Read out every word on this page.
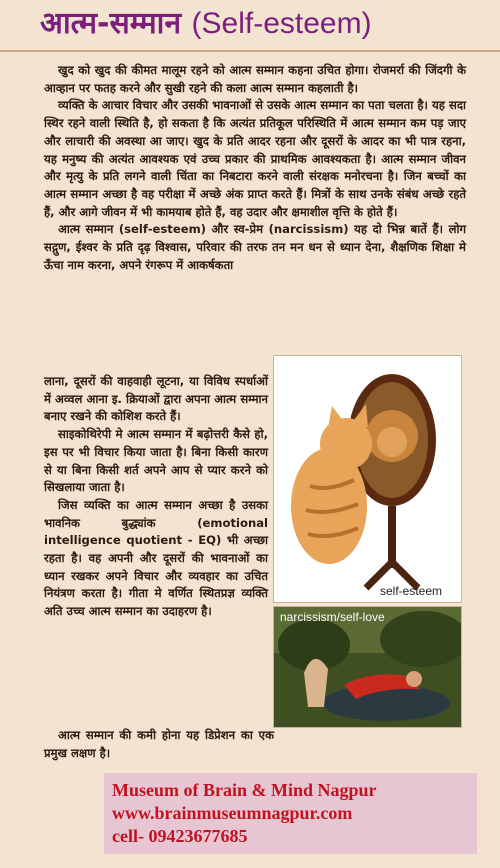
आत्म-सम्मान (Self-esteem)

खुद को खुद की कीमत मालूम रहने को आत्म सम्मान कहना उचित होगा। रोजमर्रा की जिंदगी के आव्हान पर फतह करने और सुखी रहने की कला आत्म सम्मान कहलाती है।

व्यक्ति के आचार विचार और उसकी भावनाओं से उसके आत्म सम्मान का पता चलता है। यह सदा स्थिर रहने वाली स्थिति है, हो सकता है कि अत्यंत प्रतिकूल परिस्थिति में आत्म सम्मान कम पड़ जाए और लाचारी की अवस्था आ जाए। खुद के प्रति आदर रहना और दूसरों के आदर का भी पात्र रहना, यह मनुष्य की अत्यंत आवश्यक एवं उच्च प्रकार की प्राथमिक आवश्यकता है। आत्म सम्मान जीवन और मृत्यु के प्रति लगने वाली चिंता का निबटारा करने वाली संरक्षक मनोरचना है। जिन बच्चों का आत्म सम्मान अच्छा है वह परीक्षा में अच्छे अंक प्राप्त करते हैं। मित्रों के साथ उनके संबंध अच्छे रहते हैं, और आगे जीवन में भी कामयाब होते हैं, वह उदार और क्षमाशील वृत्ति के होते हैं।

आत्म सम्मान (self-esteem) और स्व-प्रेम (narcissism) यह दो भिन्न बातें हैं। लोग सद्गुण, ईश्वर के प्रति दृढ़ विश्वास, परिवार की तरफ तन मन धन से ध्यान देना, शैक्षणिक शिक्षा मे ऊँचा नाम करना, अपने रंगरूप में आकर्षकता

लाना, दूसरों की वाहवाही लूटना, या विविध स्पर्धाओं में अव्वल आना इ. क्रियाओं द्वारा अपना आत्म सम्मान बनाए रखने की कोशिश करते हैं।

साइकोथिरेपी मे आत्म सम्मान में बढ़ोत्तरी कैसे हो, इस पर भी विचार किया जाता है। बिना किसी कारण से या बिना किसी शर्त अपने आप से प्यार करने को सिखलाया जाता है।

जिस व्यक्ति का आत्म सम्मान अच्छा है उसका भावनिक बुद्ध्यांक (emotional intelligence quotient - EQ) भी अच्छा रहता है। वह अपनी और दूसरों की भावनाओं का ध्यान रखकर अपने विचार और व्यवहार का उचित नियंत्रण करता है। गीता मे वर्णित स्थितप्रज्ञ व्यक्ति अति उच्च आत्म सम्मान का उदाहरण है।

आत्म सम्मान की कमी होना यह डिप्रेशन का एक प्रमुख लक्षण है।

self-esteem
narcissism/self-love
Museum of Brain & Mind Nagpur
www.brainmuseumnagpur.com
cell- 09423677685
